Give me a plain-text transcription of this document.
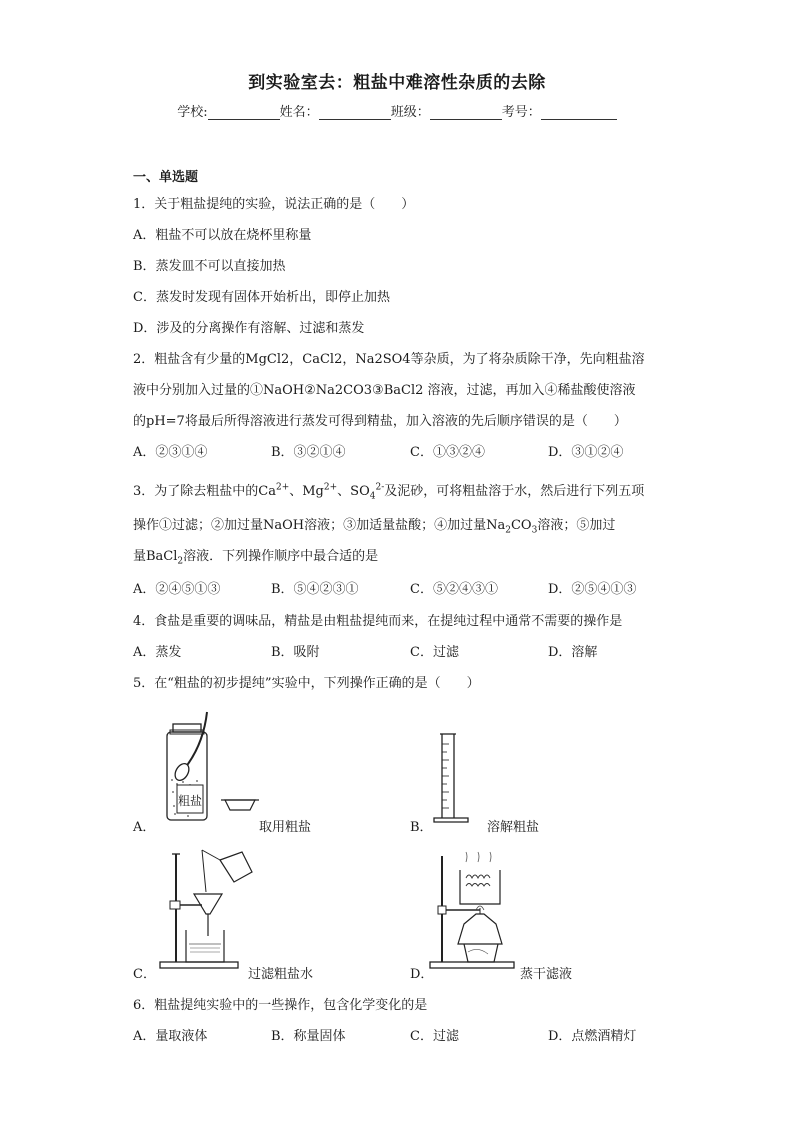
到实验室去：粗盐中难溶性杂质的去除
学校:	姓名：	班级：	考号：
一、单选题
1．关于粗盐提纯的实验，说法正确的是（　　）
A．粗盐不可以放在烧杯里称量
B．蒸发皿不可以直接加热
C．蒸发时发现有固体开始析出，即停止加热
D．涉及的分离操作有溶解、过滤和蒸发
2．粗盐含有少量的MgCl2，CaCl2，Na2SO4等杂质，为了将杂质除干净，先向粗盐溶
液中分别加入过量的①NaOH②Na2CO3③BaCl2 溶液，过滤，再加入④稀盐酸使溶液
的pH=7将最后所得溶液进行蒸发可得到精盐，加入溶液的先后顺序错误的是（　　）
A．②③①④	B．③②①④	C．①③②④	D．③①②④
3．为了除去粗盐中的$Ca^{2+}$、$Mg^{2+}$、$SO_4^{2-}$及泥砂，可将粗盐溶于水，然后进行下列五项
操作①过滤；②加过量NaOH溶液；③加适量盐酸；④加过量$Na_2CO_3$溶液；⑤加过
量BaCl$_2$溶液．下列操作顺序中最合适的是
A．②④⑤①③	B．⑤④②③①	C．⑤②④③①	D．②⑤④①③
4．食盐是重要的调味品，精盐是由粗盐提纯而来，在提纯过程中通常不需要的操作是
A．蒸发	B．吸附	C．过滤	D．溶解
5．在“粗盐的初步提纯”实验中，下列操作正确的是（　　）
A．
粗盐
取用粗盐	B．	溶解粗盐
C．	过滤粗盐水	D．	蒸干滤液
6．粗盐提纯实验中的一些操作，包含化学变化的是
A．量取液体	B．称量固体	C．过滤	D．点燃酒精灯
